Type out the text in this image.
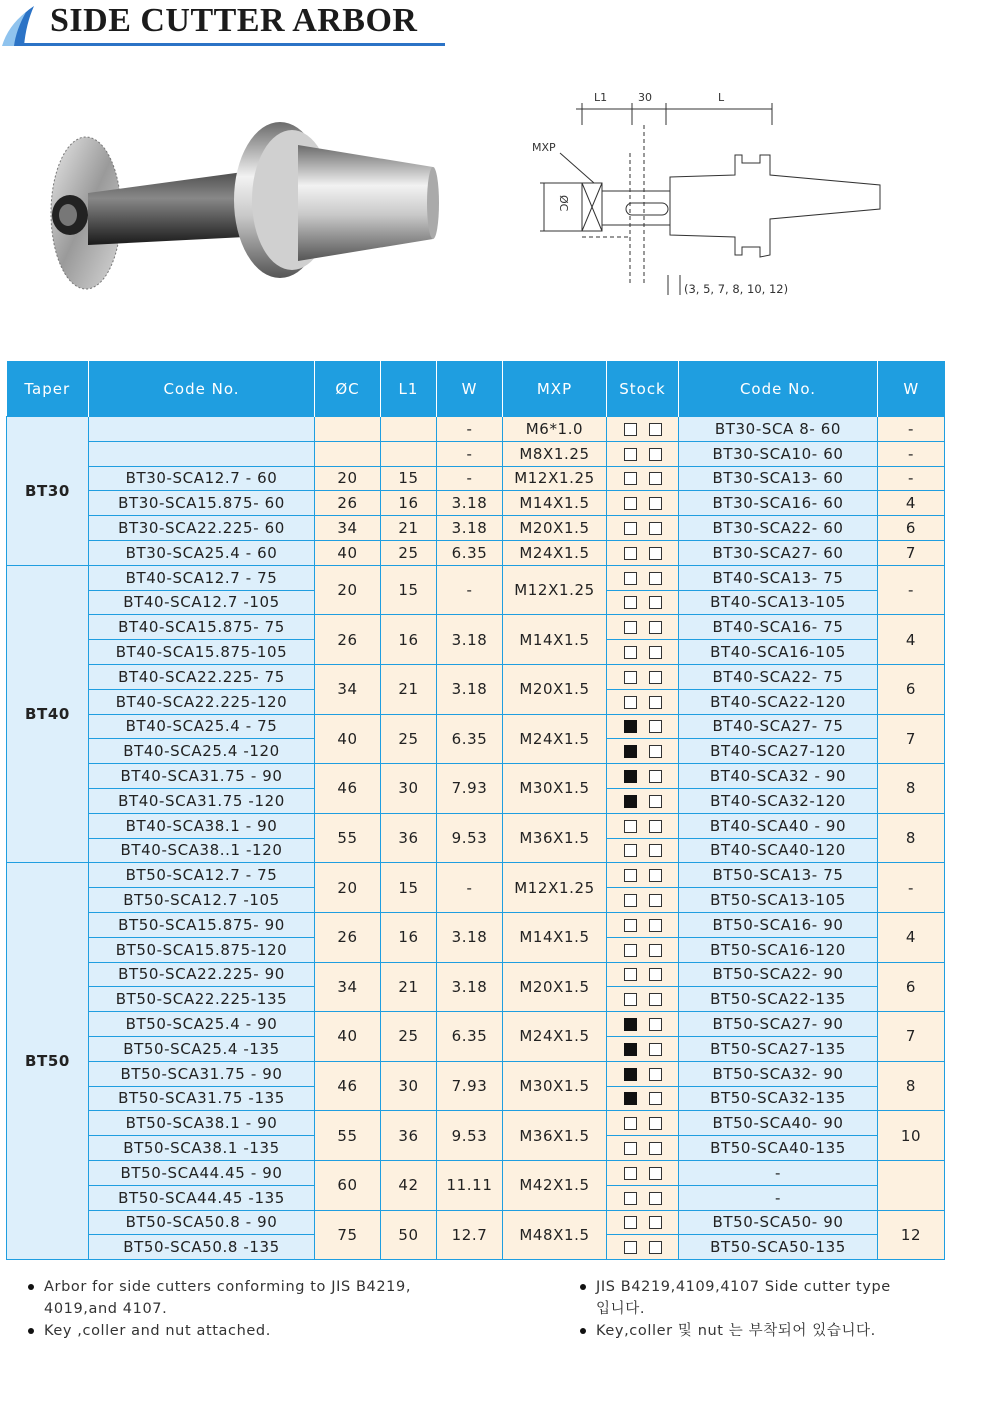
SIDE CUTTER ARBOR
L1	30	L
MXP
ØC
(3, 5, 7, 8, 10, 12)
Taper	Code No.	ØC	L1	W	MXP	Stock	Code No.	W
BT30				-	M6*1.0		BT30-SCA 8- 60	-
				-	M8X1.25		BT30-SCA10- 60	-
	BT30-SCA12.7 - 60	20	15	-	M12X1.25		BT30-SCA13- 60	-
	BT30-SCA15.875- 60	26	16	3.18	M14X1.5		BT30-SCA16- 60	4
	BT30-SCA22.225- 60	34	21	3.18	M20X1.5		BT30-SCA22- 60	6
	BT30-SCA25.4 - 60	40	25	6.35	M24X1.5		BT30-SCA27- 60	7
BT40	BT40-SCA12.7 - 75	20	15	-	M12X1.25		BT40-SCA13- 75	-
	BT40-SCA12.7 -105						BT40-SCA13-105	
	BT40-SCA15.875- 75	26	16	3.18	M14X1.5		BT40-SCA16- 75	4
	BT40-SCA15.875-105						BT40-SCA16-105	
	BT40-SCA22.225- 75	34	21	3.18	M20X1.5		BT40-SCA22- 75	6
	BT40-SCA22.225-120						BT40-SCA22-120	
	BT40-SCA25.4 - 75	40	25	6.35	M24X1.5		BT40-SCA27- 75	7
	BT40-SCA25.4 -120						BT40-SCA27-120	
	BT40-SCA31.75 - 90	46	30	7.93	M30X1.5		BT40-SCA32 - 90	8
	BT40-SCA31.75 -120						BT40-SCA32-120	
	BT40-SCA38.1 - 90	55	36	9.53	M36X1.5		BT40-SCA40 - 90	8
	BT40-SCA38..1 -120						BT40-SCA40-120	
BT50	BT50-SCA12.7 - 75	20	15	-	M12X1.25		BT50-SCA13- 75	-
	BT50-SCA12.7 -105						BT50-SCA13-105	
	BT50-SCA15.875- 90	26	16	3.18	M14X1.5		BT50-SCA16- 90	4
	BT50-SCA15.875-120						BT50-SCA16-120	
	BT50-SCA22.225- 90	34	21	3.18	M20X1.5		BT50-SCA22- 90	6
	BT50-SCA22.225-135						BT50-SCA22-135	
	BT50-SCA25.4 - 90	40	25	6.35	M24X1.5		BT50-SCA27- 90	7
	BT50-SCA25.4 -135						BT50-SCA27-135	
	BT50-SCA31.75 - 90	46	30	7.93	M30X1.5		BT50-SCA32- 90	8
	BT50-SCA31.75 -135						BT50-SCA32-135	
	BT50-SCA38.1 - 90	55	36	9.53	M36X1.5		BT50-SCA40- 90	10
	BT50-SCA38.1 -135						BT50-SCA40-135	
	BT50-SCA44.45 - 90	60	42	11.11	M42X1.5		-	
	BT50-SCA44.45 -135						-	
	BT50-SCA50.8 - 90	75	50	12.7	M48X1.5		BT50-SCA50- 90	12
	BT50-SCA50.8 -135						BT50-SCA50-135	
Arbor for side cutters conforming to JIS B4219, 4019,and 4107.
Key ,coller and nut attached.
JIS B4219,4109,4107 Side cutter type 입니다.
Key,coller 및 nut 는 부착되어 있습니다.
